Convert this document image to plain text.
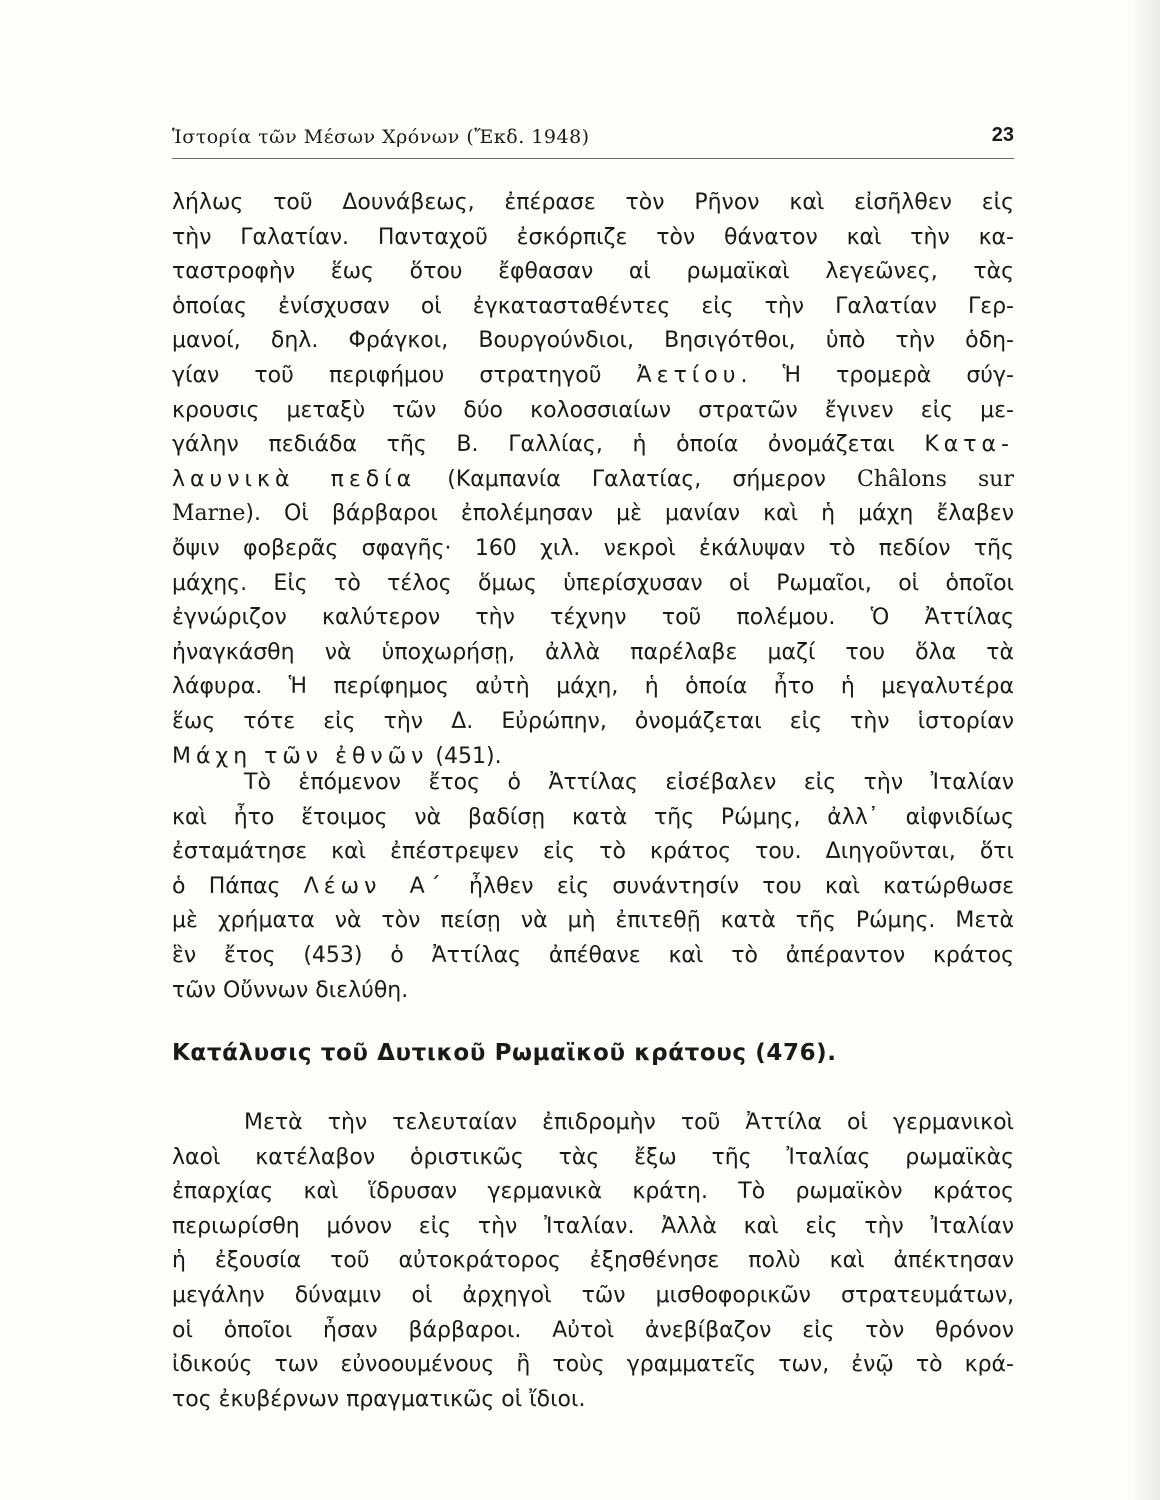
Ἱστορία τῶν Μέσων Χρόνων (Ἔκδ. 1948)	23
λήλως τοῦ Δουνάβεως, ἐπέρασε τὸν Ρῆνον καὶ εἰσῆλθεν εἰς
τὴν Γαλατίαν. Πανταχοῦ ἐσκόρπιζε τὸν θάνατον καὶ τὴν κα-
ταστροφὴν ἕως ὅτου ἔφθασαν αἱ ρωμαϊκαὶ λεγεῶνες, τὰς
ὁποίας ἐνίσχυσαν οἱ ἐγκατασταθέντες εἰς τὴν Γαλατίαν Γερ-
μανοί, δηλ. Φράγκοι, Βουργούνδιοι, Βησιγότθοι, ὑπὸ τὴν ὁδη-
γίαν τοῦ περιφήμου στρατηγοῦ Ἀετίου. Ἡ τρομερὰ σύγ-
κρουσις μεταξὺ τῶν δύο κολοσσιαίων στρατῶν ἔγινεν εἰς με-
γάλην πεδιάδα τῆς Β. Γαλλίας, ἡ ὁποία ὀνομάζεται Κατα-
λαυνικὰ πεδία (Καμπανία Γαλατίας, σήμερον Châlons sur
Marne). Οἱ βάρβαροι ἐπολέμησαν μὲ μανίαν καὶ ἡ μάχη ἔλαβεν
ὄψιν φοβερᾶς σφαγῆς· 160 χιλ. νεκροὶ ἐκάλυψαν τὸ πεδίον τῆς
μάχης. Εἰς τὸ τέλος ὅμως ὑπερίσχυσαν οἱ Ρωμαῖοι, οἱ ὁποῖοι
ἐγνώριζον καλύτερον τὴν τέχνην τοῦ πολέμου. Ὁ Ἀττίλας
ἠναγκάσθη νὰ ὑποχωρήσῃ, ἀλλὰ παρέλαβε μαζί του ὅλα τὰ
λάφυρα. Ἡ περίφημος αὐτὴ μάχη, ἡ ὁποία ἦτο ἡ μεγαλυτέρα
ἕως τότε εἰς τὴν Δ. Εὐρώπην, ὀνομάζεται εἰς τὴν ἱστορίαν
Μάχη τῶν ἐθνῶν (451).
Τὸ ἑπόμενον ἔτος ὁ Ἀττίλας εἰσέβαλεν εἰς τὴν Ἰταλίαν
καὶ ἦτο ἕτοιμος νὰ βαδίσῃ κατὰ τῆς Ρώμης, ἀλλ᾽ αἰφνιδίως
ἐσταμάτησε καὶ ἐπέστρεψεν εἰς τὸ κράτος του. Διηγοῦνται, ὅτι
ὁ Πάπας Λέων Α΄ ἦλθεν εἰς συνάντησίν του καὶ κατώρθωσε
μὲ χρήματα νὰ τὸν πείσῃ νὰ μὴ ἐπιτεθῇ κατὰ τῆς Ρώμης. Μετὰ
ἓν ἔτος (453) ὁ Ἀττίλας ἀπέθανε καὶ τὸ ἀπέραντον κράτος
τῶν Οὔννων διελύθη.
Κατάλυσις τοῦ Δυτικοῦ Ρωμαϊκοῦ κράτους (476).
Μετὰ τὴν τελευταίαν ἐπιδρομὴν τοῦ Ἀττίλα οἱ γερμανικοὶ
λαοὶ κατέλαβον ὁριστικῶς τὰς ἔξω τῆς Ἰταλίας ρωμαϊκὰς
ἐπαρχίας καὶ ἵδρυσαν γερμανικὰ κράτη. Τὸ ρωμαϊκὸν κράτος
περιωρίσθη μόνον εἰς τὴν Ἰταλίαν. Ἀλλὰ καὶ εἰς τὴν Ἰταλίαν
ἡ ἐξουσία τοῦ αὐτοκράτορος ἐξησθένησε πολὺ καὶ ἀπέκτησαν
μεγάλην δύναμιν οἱ ἀρχηγοὶ τῶν μισθοφορικῶν στρατευμάτων,
οἱ ὁποῖοι ἦσαν βάρβαροι. Αὐτοὶ ἀνεβίβαζον εἰς τὸν θρόνον
ἰδικούς των εὐνοουμένους ἢ τοὺς γραμματεῖς των, ἐνῷ τὸ κρά-
τος ἐκυβέρνων πραγματικῶς οἱ ἴδιοι.
